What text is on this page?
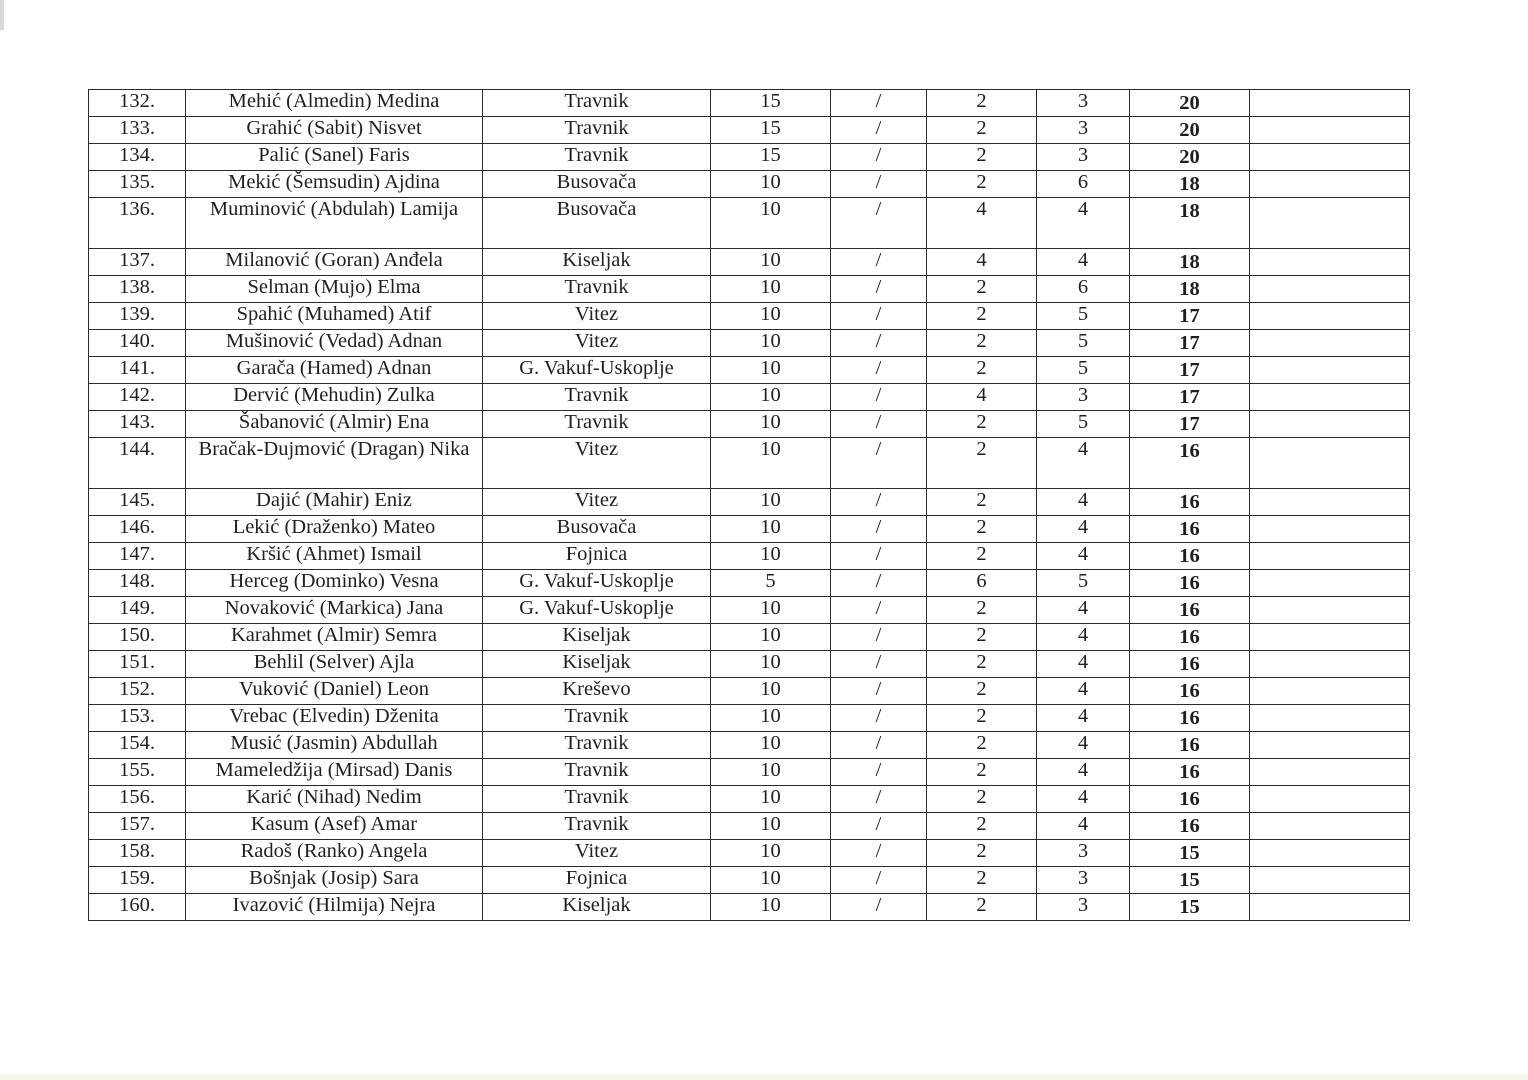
132.	Mehić (Almedin) Medina	Travnik	15	/	2	3	20	
133.	Grahić (Sabit) Nisvet	Travnik	15	/	2	3	20	
134.	Palić (Sanel) Faris	Travnik	15	/	2	3	20	
135.	Mekić (Šemsudin) Ajdina	Busovača	10	/	2	6	18	
136.	Muminović (Abdulah) Lamija	Busovača	10	/	4	4	18	
137.	Milanović (Goran) Anđela	Kiseljak	10	/	4	4	18	
138.	Selman (Mujo) Elma	Travnik	10	/	2	6	18	
139.	Spahić (Muhamed) Atif	Vitez	10	/	2	5	17	
140.	Mušinović (Vedad) Adnan	Vitez	10	/	2	5	17	
141.	Garača (Hamed) Adnan	G. Vakuf-Uskoplje	10	/	2	5	17	
142.	Dervić (Mehudin) Zulka	Travnik	10	/	4	3	17	
143.	Šabanović (Almir) Ena	Travnik	10	/	2	5	17	
144.	Bračak-Dujmović (Dragan) Nika	Vitez	10	/	2	4	16	
145.	Dajić (Mahir) Eniz	Vitez	10	/	2	4	16	
146.	Lekić (Draženko) Mateo	Busovača	10	/	2	4	16	
147.	Kršić (Ahmet) Ismail	Fojnica	10	/	2	4	16	
148.	Herceg (Dominko) Vesna	G. Vakuf-Uskoplje	5	/	6	5	16	
149.	Novaković (Markica) Jana	G. Vakuf-Uskoplje	10	/	2	4	16	
150.	Karahmet (Almir) Semra	Kiseljak	10	/	2	4	16	
151.	Behlil (Selver) Ajla	Kiseljak	10	/	2	4	16	
152.	Vuković (Daniel) Leon	Kreševo	10	/	2	4	16	
153.	Vrebac (Elvedin) Dženita	Travnik	10	/	2	4	16	
154.	Musić (Jasmin) Abdullah	Travnik	10	/	2	4	16	
155.	Mameledžija (Mirsad) Danis	Travnik	10	/	2	4	16	
156.	Karić (Nihad) Nedim	Travnik	10	/	2	4	16	
157.	Kasum (Asef) Amar	Travnik	10	/	2	4	16	
158.	Radoš (Ranko) Angela	Vitez	10	/	2	3	15	
159.	Bošnjak (Josip) Sara	Fojnica	10	/	2	3	15	
160.	Ivazović (Hilmija) Nejra	Kiseljak	10	/	2	3	15	
